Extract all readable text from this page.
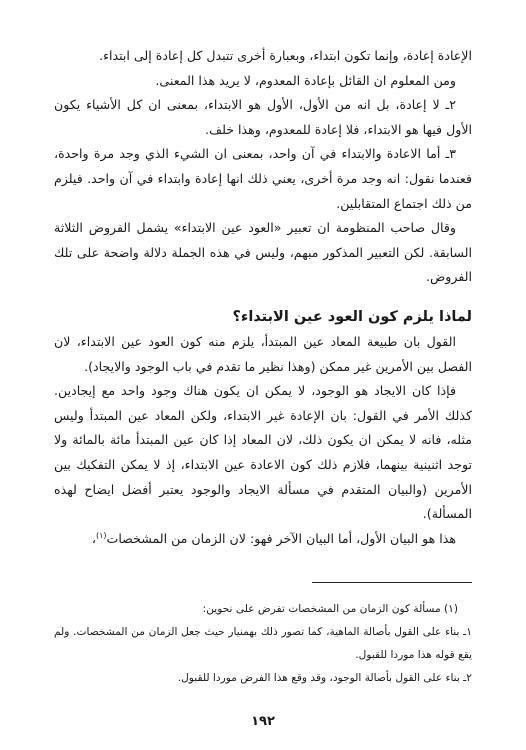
الإعادة إعادة، وإنما تكون ابتداء، وبعبارة أخرى تتبدل كل إعادة إلى ابتداء.

ومن المعلوم ان القائل بإعادة المعدوم، لا يريد هذا المعنى.

٢ـ لا إعادة، بل انه من الأول، الأول هو الابتداء، بمعنى ان كل الأشياء يكون الأول فيها هو الابتداء، فلا إعادة للمعدوم، وهذا خلف.

٣ـ أما الاعادة والابتداء في آن واحد، بمعنى ان الشيء الذي وجد مرة واحدة، فعندما نقول: انه وجد مرة أخرى، يعني ذلك انها إعادة وابتداء في آن واحد. فيلزم من ذلك اجتماع المتقابلين.

وقال صاحب المنظومة ان تعبير «العود عين الابتداء» يشمل الفروض الثلاثة السابقة. لكن التعبير المذكور مبهم، وليس في هذه الجملة دلالة واضحة على تلك الفروض.

لماذا يلزم كون العود عين الابتداء؟

القول بان طبيعة المعاد عين المبتدأ، يلزم منه كون العود عين الابتداء، لان الفصل بين الأمرين غير ممكن (وهذا نظير ما تقدم في باب الوجود والايجاد).

فإذا كان الايجاد هو الوجود، لا يمكن ان يكون هناك وجود واحد مع إيجادين. كذلك الأمر في القول: بان الإعادة غير الابتداء، ولكن المعاد عين المبتدأ وليس مثله، فانه لا يمكن ان يكون ذلك، لان المعاد إذا كان عين المبتدأ مائة بالمائة ولا توجد اثنينية بينهما، فلازم ذلك كون الاعادة عين الابتداء، إذ لا يمكن التفكيك بين الأمرين (والبيان المتقدم في مسألة الايجاد والوجود يعتبر أفضل ايضاح لهذه المسألة).

هذا هو البيان الأول، أما البيان الآخر فهو: لان الزمان من المشخصات$^{(١)}$،

(١) مسألة كون الزمان من المشخصات تفرض على نحوين:

١ـ بناء على القول بأصالة الماهية، كما تصور ذلك بهمنيار حيث جعل الزمان من المشخصات. ولم يقع قوله هذا موردا للقبول.

٢ـ بناء على القول بأصالة الوجود، وقد وقع هذا الفرض موردا للقبول.

١٩٢
